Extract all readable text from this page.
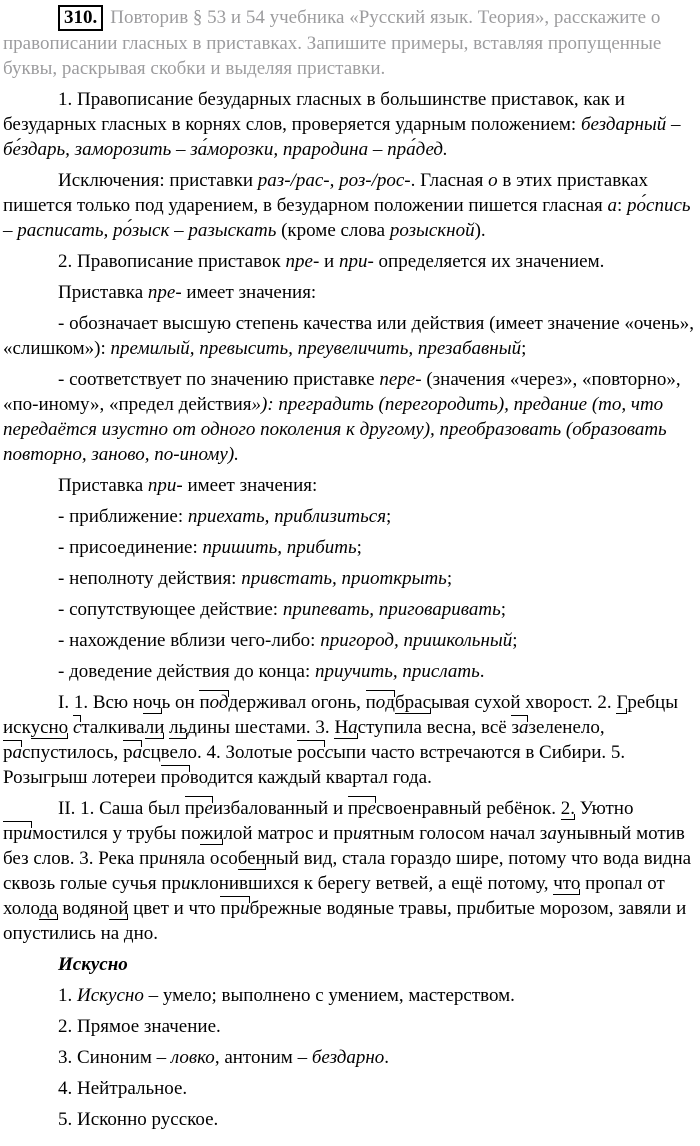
310. Повторив § 53 и 54 учебника «Русский язык. Теория», расскажите о правописании гласных в приставках. Запишите примеры, вставляя пропущенные буквы, раскрывая скобки и выделяя приставки.

1. Правописание безударных гласных в большинстве приставок, как и безударных гласных в корнях слов, проверяется ударным положением: бездарный – бе́здарь, заморозить – за́морозки, прародина – пра́дед.

Исключения: приставки раз-/рас-, роз-/рос-. Гласная о в этих приставках пишется только под ударением, в безударном положении пишется гласная а: ро́спись – расписать, ро́зыск – разыскать (кроме слова розыскной).

2. Правописание приставок пре- и при- определяется их значением.

Приставка пре- имеет значения:

- обозначает высшую степень качества или действия (имеет значение «очень», «слишком»): премилый, превысить, преувеличить, презабавный;

- соответствует по значению приставке пере- (значения «через», «повторно», «по-иному», «предел действия»): преградить (перегородить), предание (то, что передаётся изустно от одного поколения к другому), преобразовать (образовать повторно, заново, по-иному).

Приставка при- имеет значения:

- приближение: приехать, приблизиться;

- присоединение: пришить, прибить;

- неполноту действия: привстать, приоткрыть;

- сопутствующее действие: припевать, приговаривать;

- нахождение вблизи чего-либо: пригород, пришкольный;

- доведение действия до конца: приучить, прислать.

I. 1. Всю ночь он поддерживал огонь, подбрасывая сухой хворост. 2. Гребцы искусно сталкивали льдины шестами. 3. Наступила весна, всё зазеленело, распустилось, расцвело. 4. Золотые россыпи часто встречаются в Сибири. 5. Розыгрыш лотереи проводится каждый квартал года.

II. 1. Саша был преизбалованный и пресвоенравный ребёнок. 2. Уютно примостился у трубы пожилой матрос и приятным голосом начал заунывный мотив без слов. 3. Река приняла особенный вид, стала гораздо шире, потому что вода видна сквозь голые сучья приклонившихся к берегу ветвей, а ещё потому, что пропал от холода водяной цвет и что прибрежные водяные травы, прибитые морозом, завяли и опустились на дно.

Искусно

1. Искусно – умело; выполнено с умением, мастерством.

2. Прямое значение.

3. Синоним – ловко, антоним – бездарно.

4. Нейтральное.

5. Исконно русское.
